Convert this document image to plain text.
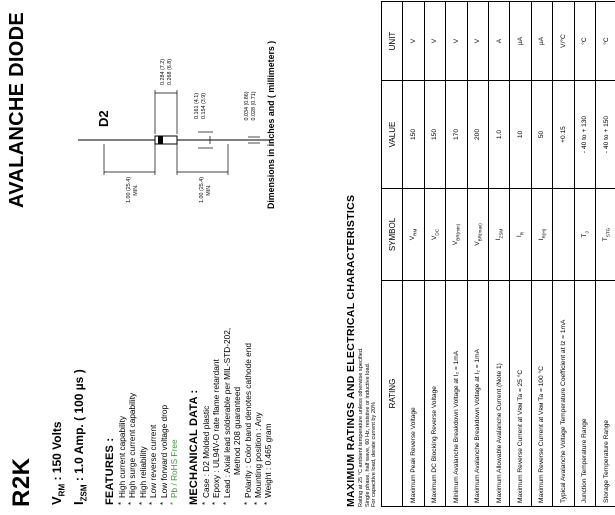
R2K
AVALANCHE DIODE
$V_{RM}$ : 150 Volts
$I_{ZSM}$ : 1.0 Amp. ( 100 µs )	FEATURES : * High current capability * High surge current capability * High reliability * Low reverse current * Low forward voltage drop * Pb / RoHS Free MECHANICAL DATA : * Case : D2 Molded plastic * Epoxy : UL94V-O rate flame retardant * Lead : Axial lead solderable per MIL-STD-202, Method 208 guaranteed * Polarity : Color band denotes cathode end * Mounting position : Any * Weight : 0.465 gram
D2
1.00 (25.4) MIN.	1.00 (25.4) MIN.
0.284 (7.2) 0.268 (6.8)
0.161 (4.1) 0.154 (3.9)	0.034 (0.86) 0.028 (0.71) Dimensions in inches and ( millimeters )
MAXIMUM RATINGS AND ELECTRICAL CHARACTERISTICS Rating at 25 °C ambient temperature unless otherwise specified. Single phase, half wave, 60 Hz, resistive or inductive load. For capacitive load, derate current by 20%
RATING	SYMBOL	VALUE	UNIT
Maximum Peak Reverse Voltage	$V_{RM}$	150	V
Maximum DC Blocking Reverse Voltage	$V_{DC}$	150	V
Minimum Avalanche Breakdown Voltage at I₂ = 1mA	$V_{BR(min)}$	170	V
Maximum Avalanche Breakdown Voltage at I₂ = 1mA	$V_{BR(max)}$	200	V
Maximum Allowable Avalanche Current (Note 1)	$I_{ZSM}$	1.0	A
Maximum Reverse Current at Vʀᴍ Ta = 25 °C	$I_R$	10	µA
Maximum Reverse Current at Vʀᴍ Ta = 100 °C	$I_{R(H)}$	50	µA
Typical Avalanche Voltage Temperature Coefficient at Iz = 1mA		+0.15	V/°C
Junction Temperature Range	$T_J$	- 40 to + 130	°C
Storage Temperature Range	$T_{STG}$	- 40 to + 150	°C
